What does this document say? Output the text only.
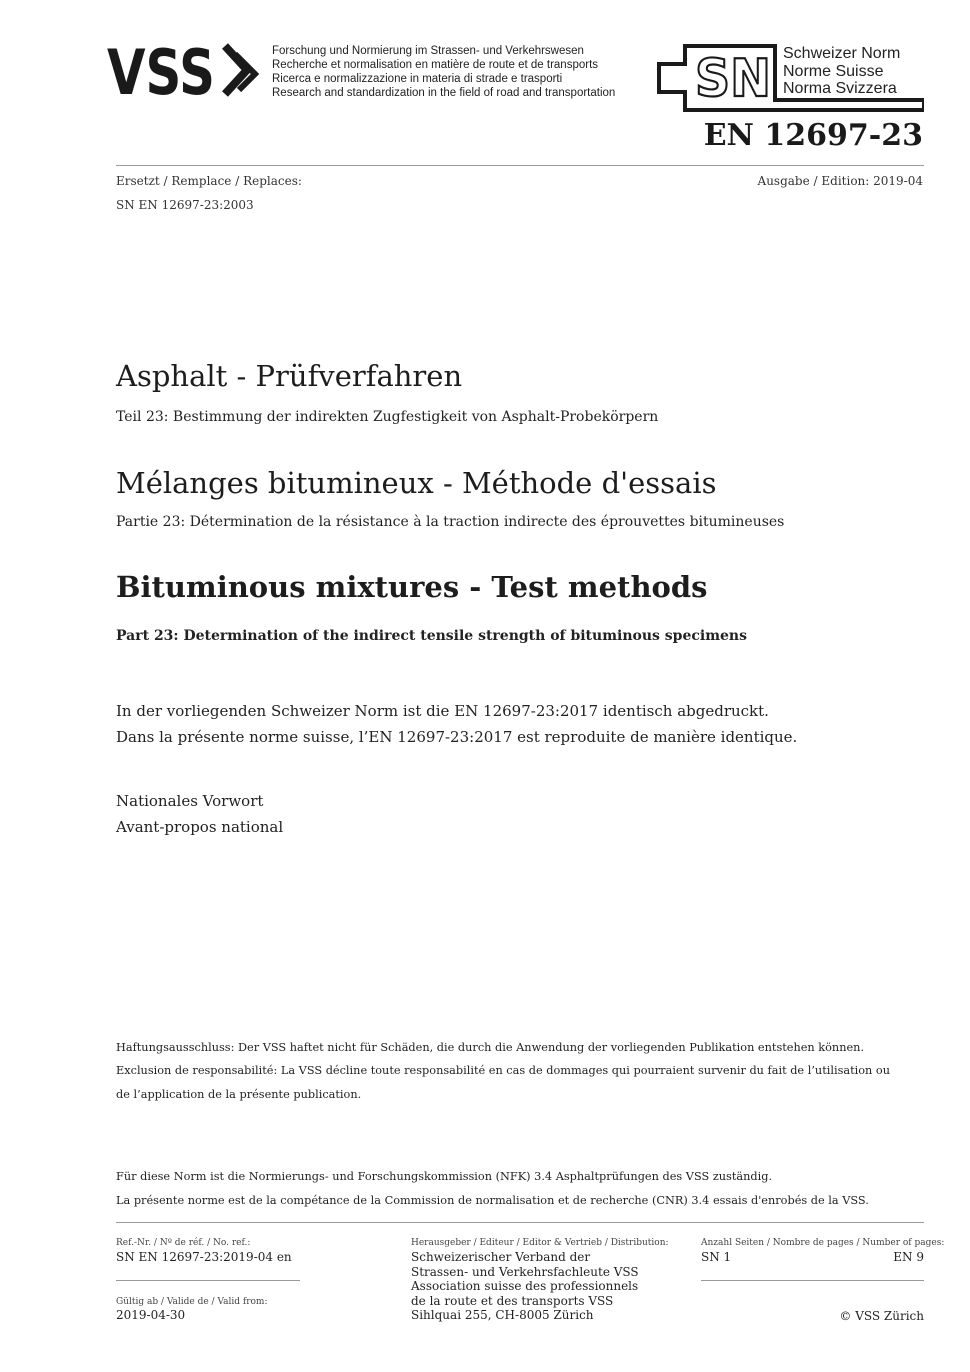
VSS	Forschung und Normierung im Strassen- und Verkehrswesen
Recherche et normalisation en matière de route et de transports
Ricerca e normalizzazione in materia di strade e trasporti
Research and standardization in the field of road and transportation SN Schweizer Norm
Norme Suisse
Norma Svizzera
EN 12697-23
Ersetzt / Remplace / Replaces:	Ausgabe / Edition: 2019-04
SN EN 12697-23:2003
Asphalt - Prüfverfahren
Teil 23: Bestimmung der indirekten Zugfestigkeit von Asphalt-Probekörpern
Mélanges bitumineux - Méthode d'essais
Partie 23: Détermination de la résistance à la traction indirecte des éprouvettes bitumineuses
Bituminous mixtures - Test methods
Part 23: Determination of the indirect tensile strength of bituminous specimens
In der vorliegenden Schweizer Norm ist die EN 12697-23:2017 identisch abgedruckt.
Dans la présente norme suisse, l’EN 12697-23:2017 est reproduite de manière identique.
Nationales Vorwort
Avant-propos national
Haftungsausschluss: Der VSS haftet nicht für Schäden, die durch die Anwendung der vorliegenden Publikation entstehen können.
Exclusion de responsabilité: La VSS décline toute responsabilité en cas de dommages qui pourraient survenir du fait de l’utilisation ou
de l’application de la présente publication.
Für diese Norm ist die Normierungs- und Forschungskommission (NFK) 3.4 Asphaltprüfungen des VSS zuständig.
La présente norme est de la compétance de la Commission de normalisation et de recherche (CNR) 3.4 essais d'enrobés de la VSS.
Ref.-Nr. / Nº de réf. / No. ref.:
SN EN 12697-23:2019-04 en
Gültig ab / Valide de / Valid from:
2019-04-30
Herausgeber / Editeur / Editor & Vertrieb / Distribution:
Schweizerischer Verband der
Strassen- und Verkehrsfachleute VSS
Association suisse des professionnels
de la route et des transports VSS
Sihlquai 255, CH-8005 Zürich
Anzahl Seiten / Nombre de pages / Number of pages:
SN 1	EN 9
© VSS Zürich
